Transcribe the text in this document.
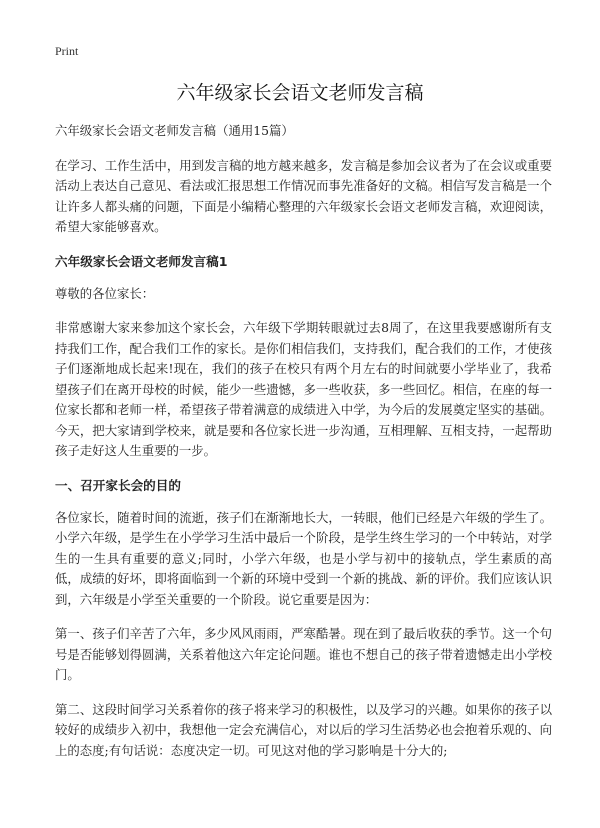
Print
六年级家长会语文老师发言稿

六年级家长会语文老师发言稿（通用15篇）

在学习、工作生活中，用到发言稿的地方越来越多，发言稿是参加会议者为了在会议或重要活动上表达自己意见、看法或汇报思想工作情况而事先准备好的文稿。相信写发言稿是一个让许多人都头痛的问题，下面是小编精心整理的六年级家长会语文老师发言稿，欢迎阅读，希望大家能够喜欢。

六年级家长会语文老师发言稿1

尊敬的各位家长：

非常感谢大家来参加这个家长会，六年级下学期转眼就过去8周了，在这里我要感谢所有支持我们工作，配合我们工作的家长。是你们相信我们，支持我们，配合我们的工作，才使孩子们逐渐地成长起来!现在，我们的孩子在校只有两个月左右的时间就要小学毕业了，我希望孩子们在离开母校的时候，能少一些遗憾，多一些收获，多一些回忆。相信，在座的每一位家长都和老师一样，希望孩子带着满意的成绩进入中学，为今后的发展奠定坚实的基础。今天，把大家请到学校来，就是要和各位家长进一步沟通，互相理解、互相支持，一起帮助孩子走好这人生重要的一步。

一、召开家长会的目的

各位家长，随着时间的流逝，孩子们在渐渐地长大，一转眼，他们已经是六年级的学生了。小学六年级，是学生在小学学习生活中最后一个阶段，是学生终生学习的一个中转站，对学生的一生具有重要的意义;同时，小学六年级，也是小学与初中的接轨点，学生素质的高低，成绩的好坏，即将面临到一个新的环境中受到一个新的挑战、新的评价。我们应该认识到，六年级是小学至关重要的一个阶段。说它重要是因为：

第一、孩子们辛苦了六年，多少风风雨雨，严寒酷暑。现在到了最后收获的季节。这一个句号是否能够划得圆满，关系着他这六年定论问题。谁也不想自己的孩子带着遗憾走出小学校门。

第二、这段时间学习关系着你的孩子将来学习的积极性，以及学习的兴趣。如果你的孩子以较好的成绩步入初中，我想他一定会充满信心，对以后的学习生活势必也会抱着乐观的、向上的态度;有句话说：态度决定一切。可见这对他的学习影响是十分大的;
